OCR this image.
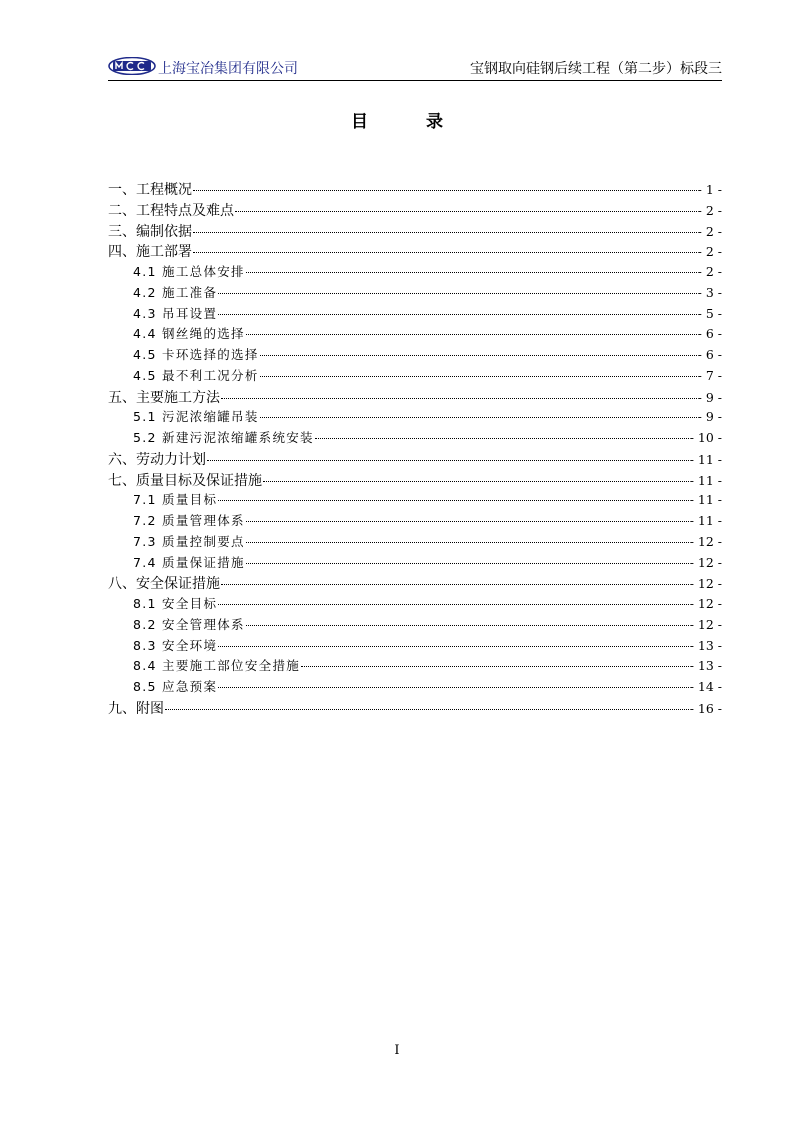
上海宝冶集团有限公司	宝钢取向硅钢后续工程（第二步）标段三
目 录
一、工程概况	- 1 -
二、工程特点及难点	- 2 -
三、编制依据	- 2 -
四、施工部署	- 2 -
4.1 施工总体安排	- 2 -
4.2 施工准备	- 3 -
4.3 吊耳设置	- 5 -
4.4 钢丝绳的选择	- 6 -
4.5 卡环选择的选择	- 6 -
4.5 最不利工况分析	- 7 -
五、主要施工方法	- 9 -
5.1 污泥浓缩罐吊装	- 9 -
5.2 新建污泥浓缩罐系统安装	- 10 -
六、劳动力计划	- 11 -
七、质量目标及保证措施	- 11 -
7.1 质量目标	- 11 -
7.2 质量管理体系	- 11 -
7.3 质量控制要点	- 12 -
7.4 质量保证措施	- 12 -
八、安全保证措施	- 12 -
8.1 安全目标	- 12 -
8.2 安全管理体系	- 12 -
8.3 安全环境	- 13 -
8.4 主要施工部位安全措施	- 13 -
8.5 应急预案	- 14 -
九、附图	- 16 -
I
